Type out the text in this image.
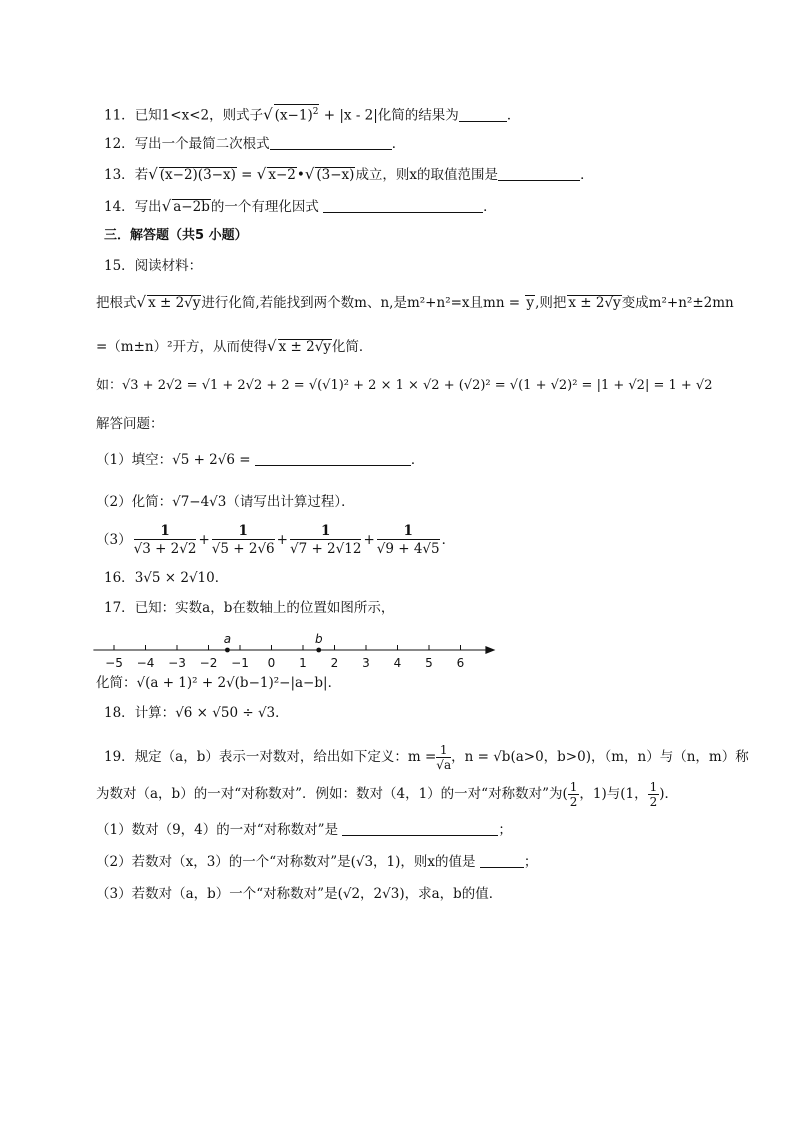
11．已知1<x<2，则式子√ $(x-1)^2 + |x - 2|$化简的结果为	．
12．写出一个最简二次根式	．
13．若√ (x−2)(3−x) = √ x−2•√ (3−x)成立，则x的取值范围是	．
14．写出√ a−2b的一个有理化因式	．
三．解答题（共5 小题）
15．阅读材料：
把根式√ x ± 2√y进行化简,若能找到两个数m、n,是m²+n²=x且mn = y,则把 x ± 2√y变成m²+n²±2mn
=（m±n）²开方，从而使得√ x ± 2√y化简．
如：√3 + 2√2 = √1 + 2√2 + 2 = √(√1)² + 2 × 1 × √2 + (√2)² = √(1 + √2)² = |1 + √2| = 1 + √2
解答问题：
（1）填空：√5 + 2√6 =	．
（2）化简：√7−4√3（请写出计算过程）．
$(3) \frac{1}{√3 + 2√2} + \frac{1}{√5 + 2√6} + \frac{1}{√7 + 2√12} + \frac{1}{√9 + 4√5}$ ．
16．3√5 × 2√10．
17．已知：实数a，b在数轴上的位置如图所示，
−5 −4 −3 −2 −1 0 1 2 3 4 5 6
a	b
化简：√(a + 1)² + 2√(b−1)²−|a−b|．
18．计算：√6 × √50 ÷ √3．
19．规定（a，b）表示一对数对，给出如下定义：$m = \frac{1}{√a}$ ，n = √b(a>0，b>0)，（m，n）与（n，m）称
为数对（a，b）的一对“对称数对”．例如：数对（4，1）的一对“对称数对”为( $\frac{1}{2}$ ，1)与(1， $\frac{1}{2}$ )．
（1）数对（9，4）的一对“对称数对”是	；
（2）若数对（x，3）的一个“对称数对”是(√3，1)，则x的值是	；
（3）若数对（a，b）一个“对称数对”是(√2，2√3)，求a，b的值．
